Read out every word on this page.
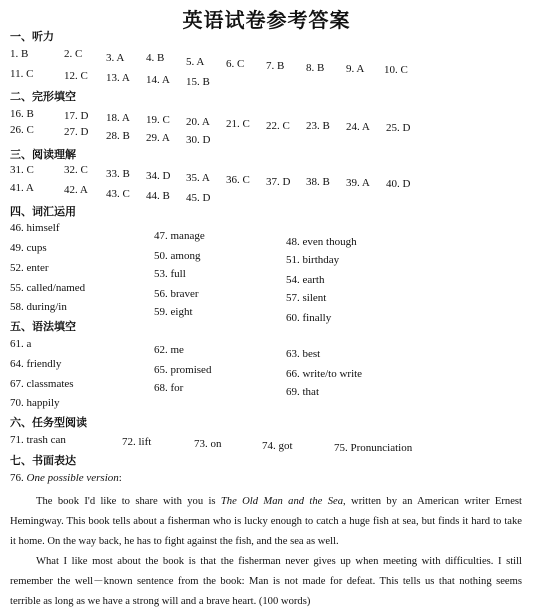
英语试卷参考答案
一、听力
1. B	2. C 3. A 4. B 5. A 6. C 7. B 8. B 9. A 10. C
11. C	12. C 13. A 14. A 15. B
二、完形填空
16. B	17. D 18. A 19. C 20. A 21. C 22. C 23. B 24. A 25. D
26. C	27. D 28. B 29. A 30. D
三、阅读理解
31. C	32. C 33. B 34. D 35. A 36. C 37. D 38. B 39. A 40. D
41. A	42. A 43. C 44. B 45. D
四、词汇运用
46. himself
49. cups
52. enter
55. called/named
58. during/in
47. manage
50. among
53. full
56. braver
59. eight
48. even though
51. birthday
54. earth
57. silent
60. finally
五、语法填空
61. a
64. friendly
67. classmates
70. happily
62. me
65. promised
68. for
63. best
66. write/to write
69. that
六、任务型阅读
71. trash can	72. lift	73. on	74. got	75. Pronunciation
七、书面表达
76. One possible version:

The book I'd like to share with you is The Old Man and the Sea, written by an American writer Ernest Hemingway. This book tells about a fisherman who is lucky enough to catch a huge fish at sea, but finds it hard to take it home. On the way back, he has to fight against the fish, and the sea as well.

What I like most about the book is that the fisherman never gives up when meeting with difficulties. I still remember the well－known sentence from the book: Man is not made for defeat. This tells us that nothing seems terrible as long as we have a strong will and a brave heart. (100 words)
